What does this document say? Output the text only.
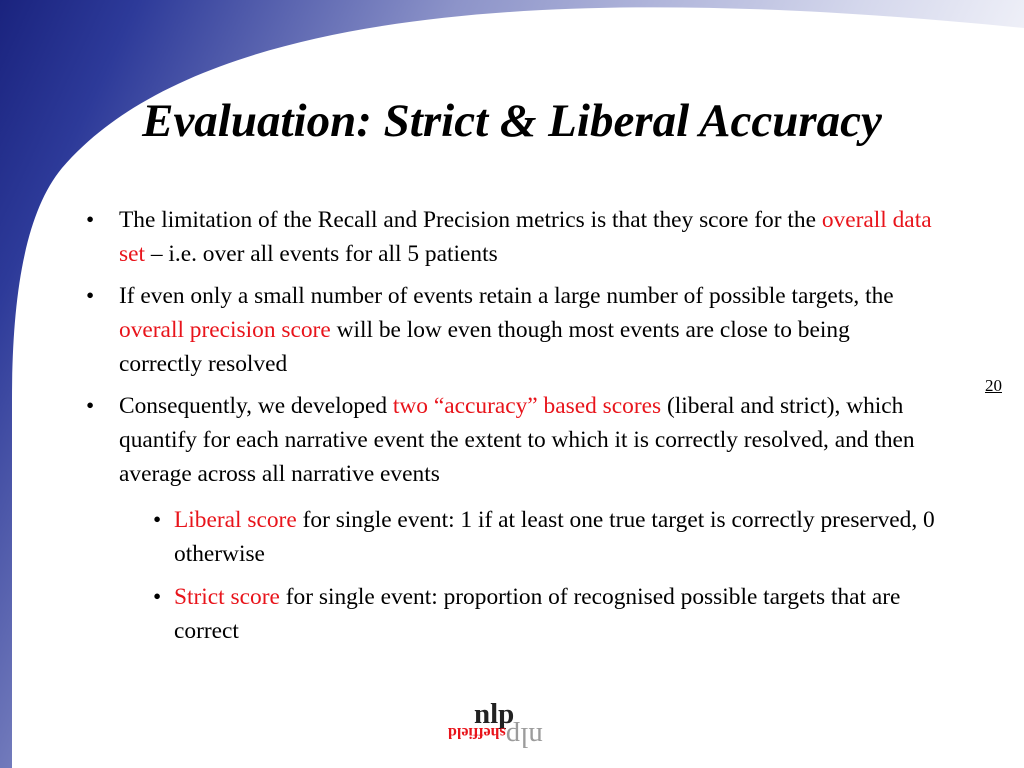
Evaluation: Strict & Liberal Accuracy
• The limitation of the Recall and Precision metrics is that they score for the overall data set – i.e. over all events for all 5 patients
• If even only a small number of events retain a large number of possible targets, the overall precision score will be low even though most events are close to being correctly resolved
• Consequently, we developed two “accuracy” based scores (liberal and strict), which quantify for each narrative event the extent to which it is correctly resolved, and then average across all narrative events
• Liberal score for single event: 1 if at least one true target is correctly preserved, 0 otherwise
• Strict score for single event: proportion of recognised possible targets that are correct
20
nlp
nlpsheffield
